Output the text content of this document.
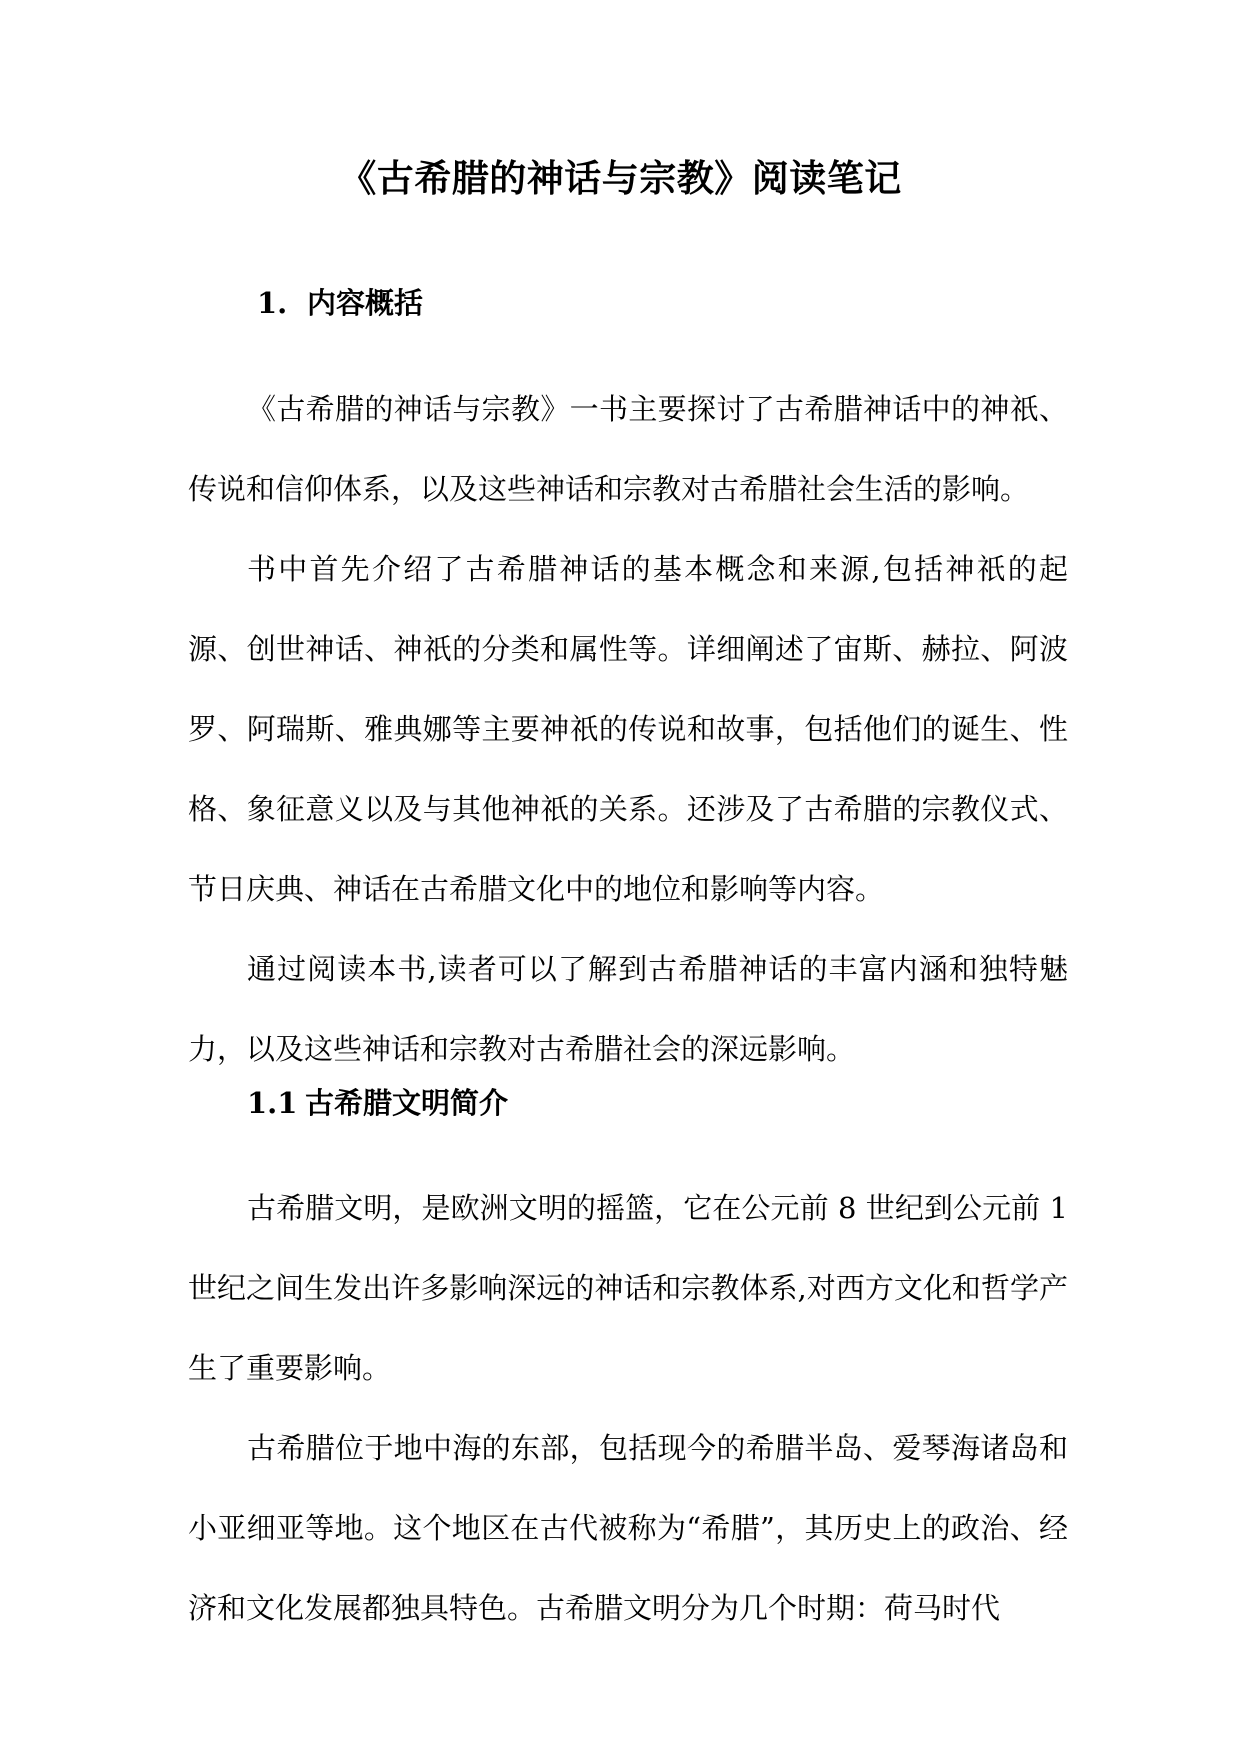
《古希腊的神话与宗教》阅读笔记
1. 内容概括

《古希腊的神话与宗教》一书主要探讨了古希腊神话中的神祇、传说和信仰体系，以及这些神话和宗教对古希腊社会生活的影响。

书中首先介绍了古希腊神话的基本概念和来源,包括神祇的起源、创世神话、神祇的分类和属性等。详细阐述了宙斯、赫拉、阿波罗、阿瑞斯、雅典娜等主要神祇的传说和故事，包括他们的诞生、性格、象征意义以及与其他神祇的关系。还涉及了古希腊的宗教仪式、节日庆典、神话在古希腊文化中的地位和影响等内容。

通过阅读本书,读者可以了解到古希腊神话的丰富内涵和独特魅力，以及这些神话和宗教对古希腊社会的深远影响。

1.1 古希腊文明简介

古希腊文明，是欧洲文明的摇篮，它在公元前 8 世纪到公元前 1 世纪之间生发出许多影响深远的神话和宗教体系,对西方文化和哲学产生了重要影响。

古希腊位于地中海的东部，包括现今的希腊半岛、爱琴海诸岛和小亚细亚等地。这个地区在古代被称为“希腊”，其历史上的政治、经济和文化发展都独具特色。古希腊文明分为几个时期：荷马时代
